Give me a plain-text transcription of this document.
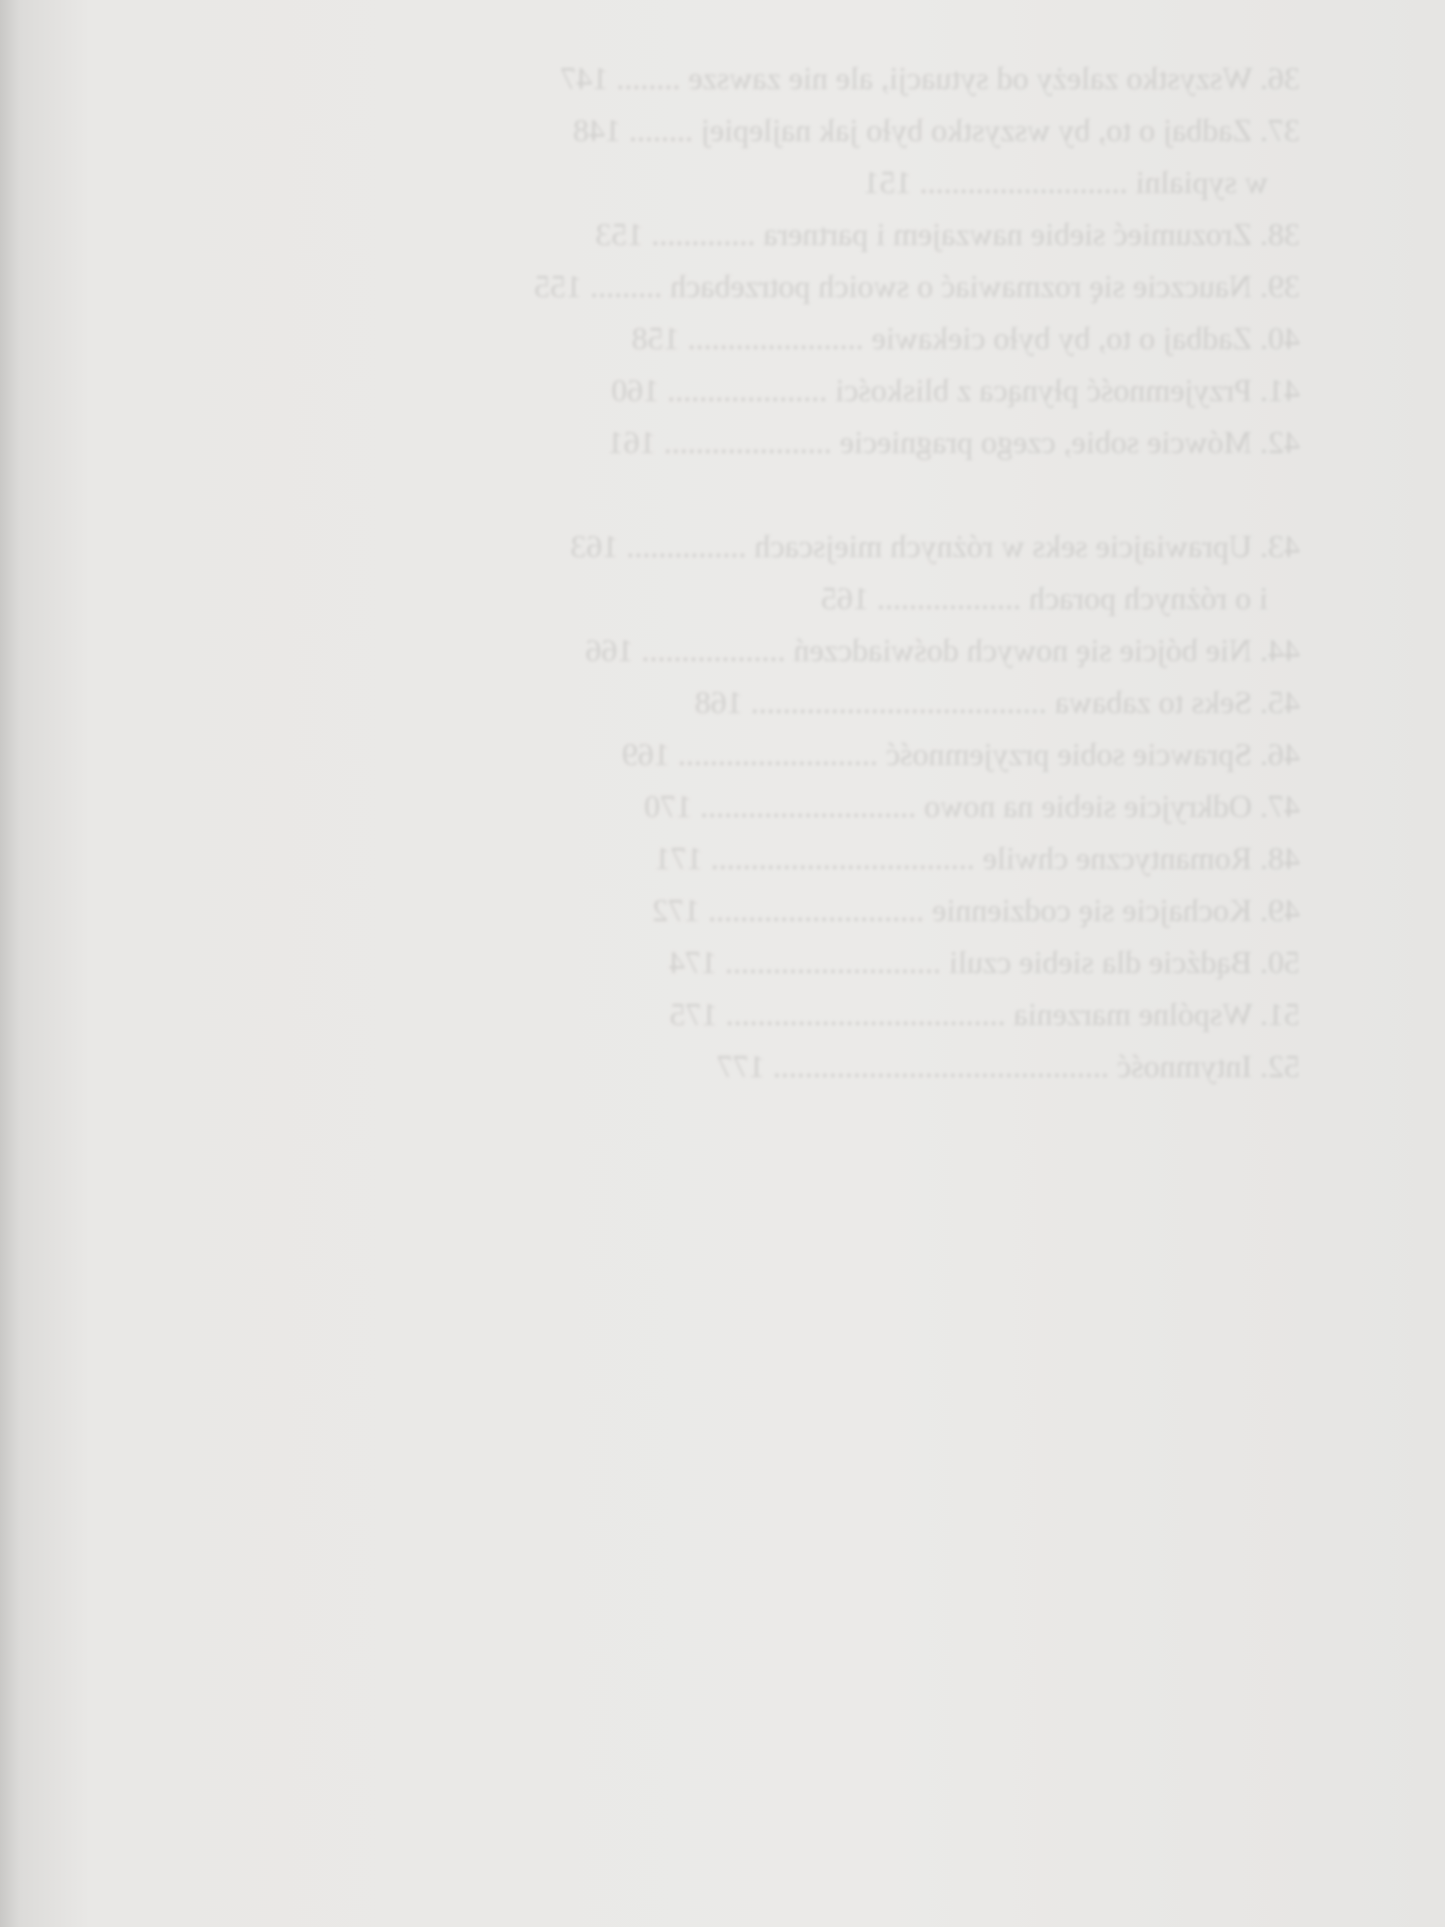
36. Wszystko zależy od sytuacji, ale nie zawsze ........ 147
37. Zadbaj o to, by wszystko było jak najlepiej ........ 148
w sypialni .......................... 151
38. Zrozumieć siebie nawzajem i partnera ............. 153
39. Nauczcie się rozmawiać o swoich potrzebach ......... 155
40. Zadbaj o to, by było ciekawie ...................... 158
41. Przyjemność płynąca z bliskości .................... 160
42. Mówcie sobie, czego pragniecie ..................... 161

43. Uprawiajcie seks w różnych miejscach ............... 163
i o różnych porach .................. 165
44. Nie bójcie się nowych doświadczeń .................. 166
45. Seks to zabawa ..................................... 168
46. Sprawcie sobie przyjemność ......................... 169
47. Odkryjcie siebie na nowo ........................... 170
48. Romantyczne chwile ................................. 171
49. Kochajcie się codziennie ........................... 172
50. Bądźcie dla siebie czuli ........................... 174
51. Wspólne marzenia ................................... 175
52. Intymność .......................................... 177
